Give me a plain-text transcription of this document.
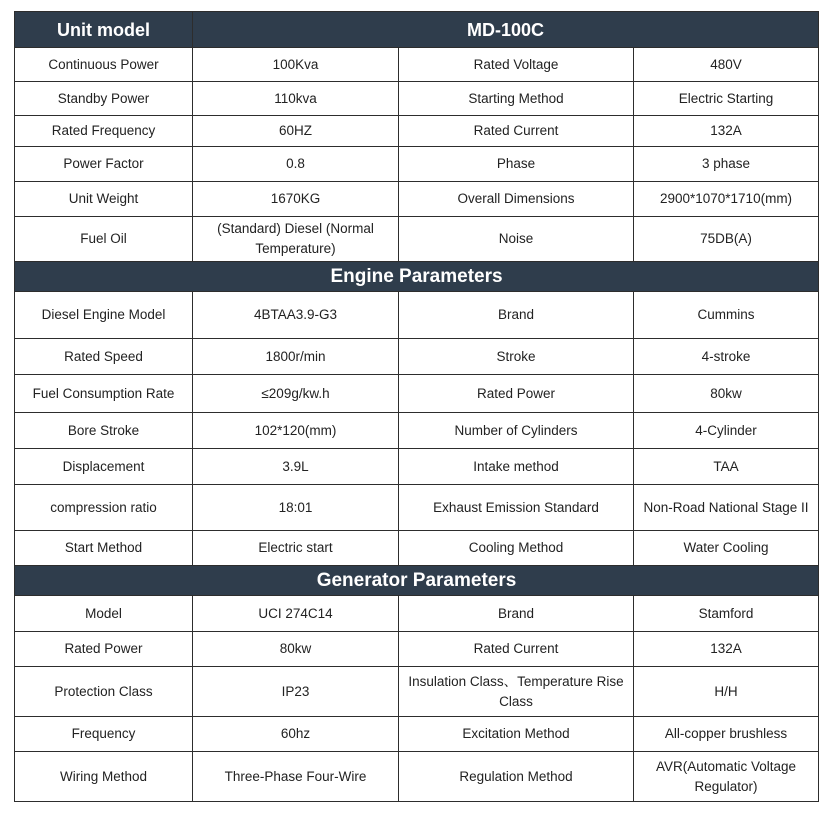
Unit model	MD-100C		
Continuous Power	100Kva	Rated Voltage	480V
Standby Power	110kva	Starting Method	Electric Starting
Rated Frequency	60HZ	Rated Current	132A
Power Factor	0.8	Phase	3 phase
Unit Weight	1670KG	Overall Dimensions	2900*1070*1710(mm)
Fuel Oil	(Standard) Diesel (Normal Temperature)	Noise	75DB(A)
Engine Parameters			
Diesel Engine Model	4BTAA3.9-G3	Brand	Cummins
Rated Speed	1800r/min	Stroke	4-stroke
Fuel Consumption Rate	≤209g/kw.h	Rated Power	80kw
Bore Stroke	102*120(mm)	Number of Cylinders	4-Cylinder
Displacement	3.9L	Intake method	TAA
compression ratio	18:01	Exhaust Emission Standard	Non-Road National Stage II
Start Method	Electric start	Cooling Method	Water Cooling
Generator Parameters			
Model	UCI 274C14	Brand	Stamford
Rated Power	80kw	Rated Current	132A
Protection Class	IP23	Insulation Class、Temperature Rise Class	H/H
Frequency	60hz	Excitation Method	All-copper brushless
Wiring Method	Three-Phase Four-Wire	Regulation Method	AVR(Automatic Voltage Regulator)
